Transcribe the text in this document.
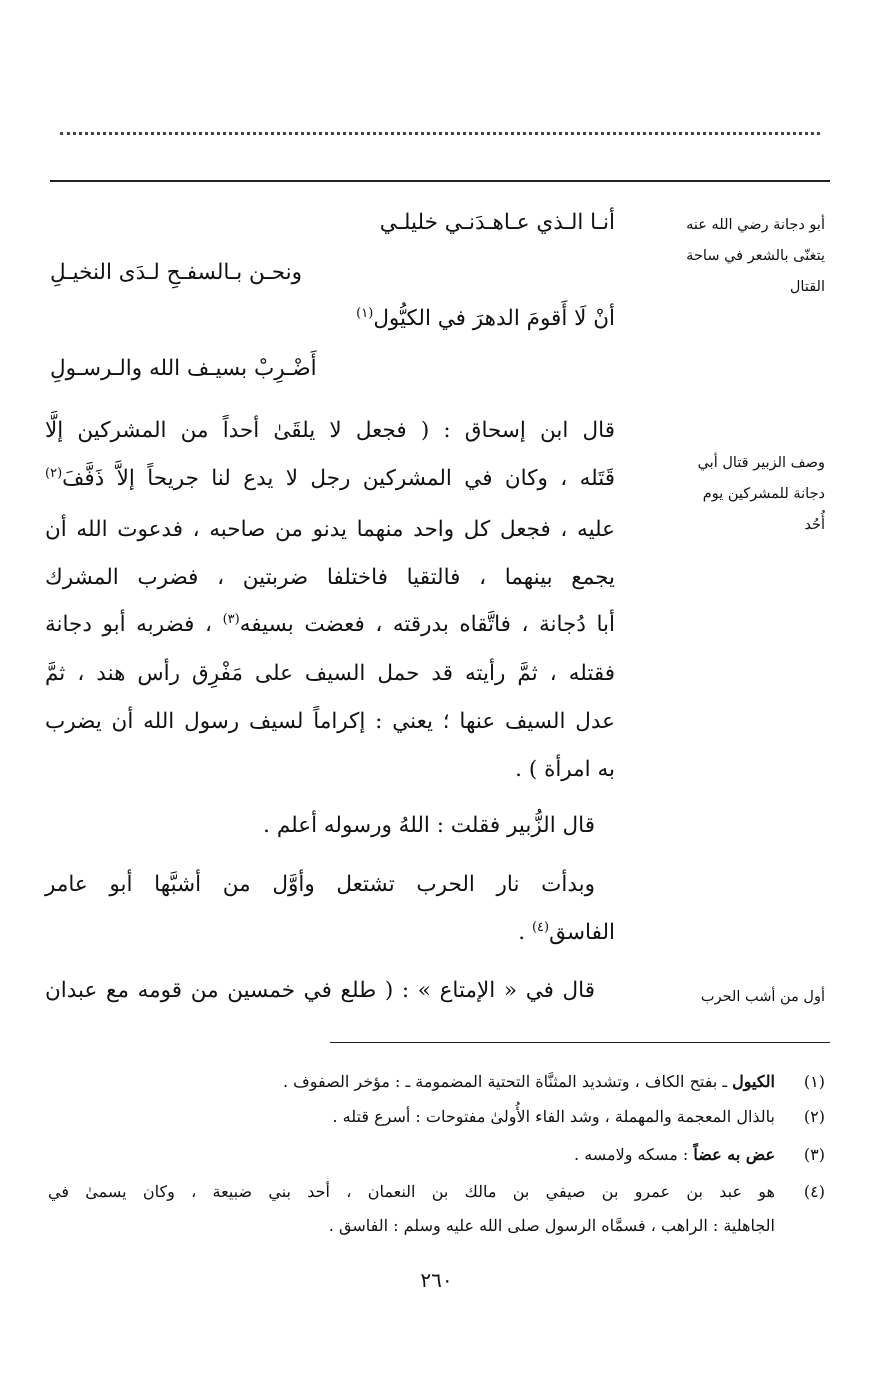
أبو دجانة رضي الله عنه
يتغنّى بالشعر في ساحة
القتال
وصف الزبير قتال أبي
دجانة للمشركين يوم
أُحُد
أول من أشب الحرب
أنـا الـذي عـاهـدَنـي خليلـي
ونحـن بـالسفـحِ لـدَى النخيـلِ
أنْ لَا أَقومَ الدهرَ في الكيُّول$^{(١)}$
أَضْـرِبْ بسيـف الله والـرسـولِ
قال ابن إسحاق : ( فجعل لا يلقَىٰ أحداً من المشركين إلَّا
قَتَله ، وكان في المشركين رجل لا يدع لنا جريحاً إلاَّ ذَفَّفَ$^{(٢)}$
عليه ، فجعل كل واحد منهما يدنو من صاحبه ، فدعوت الله أن
يجمع بينهما ، فالتقيا فاختلفا ضربتين ، فضرب المشرك
أبا دُجانة ، فاتَّقاه بدرقته ، فعضت بسيفه$^{(٣)}$ ، فضربه أبو دجانة
فقتله ، ثمَّ رأيته قد حمل السيف على مَفْرِق رأس هند ، ثمَّ
عدل السيف عنها ؛ يعني : إكراماً لسيف رسول الله أن يضرب
به امرأة ) .
قال الزُّبير فقلت : اللهُ ورسوله أعلم .
وبدأت نار الحرب تشتعل وأوَّل من أشبَّها أبو عامر
الفاسق$^{(٤)}$ .
قال في « الإمتاع » : ( طلع في خمسين من قومه مع عبدان
(١)
الكيول ـ بفتح الكاف ، وتشديد المثنَّاة التحتية المضمومة ـ : مؤخر الصفوف .
(٢)
بالذال المعجمة والمهملة ، وشد الفاء الأُولىٰ مفتوحات : أسرع قتله .
(٣)
عض به عضاً : مسكه ولامسه .
(٤)
هو عبد بن عمرو بن صيفي بن مالك بن النعمان ، أحد بني ضبيعة ، وكان يسمىٰ في
الجاهلية : الراهب ، فسمَّاه الرسول صلى الله عليه وسلم : الفاسق .
٢٦٠
